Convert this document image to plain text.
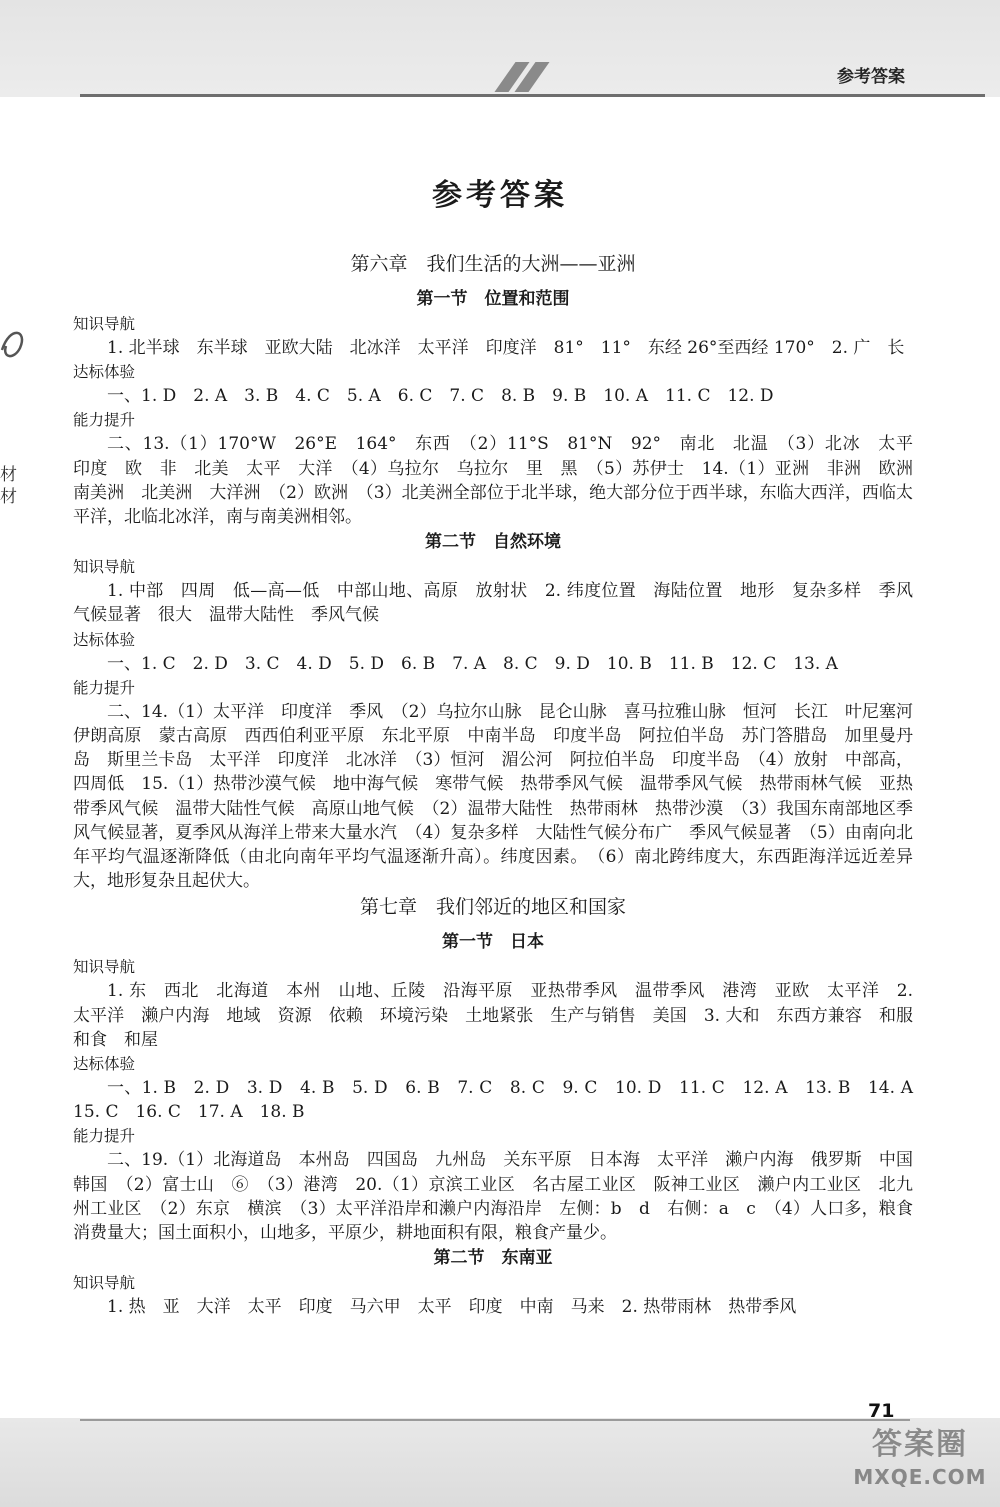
参考答案
材
材
参考答案

第六章　我们生活的大洲——亚洲

第一节　位置和范围

知识导航

1. 北半球　东半球　亚欧大陆　北冰洋　太平洋　印度洋　81°　11°　东经 26°至西经 170°　2. 广　长

达标体验

一、1. D　2. A　3. B　4. C　5. A　6. C　7. C　8. B　9. B　10. A　11. C　12. D

能力提升

二、13.（1）170°W　26°E　164°　东西　（2）11°S　81°N　92°　南北　北温　（3）北冰　太平　印度　欧　非　北美　太平　大洋　（4）乌拉尔　乌拉尔　里　黑　（5）苏伊士　14.（1）亚洲　非洲　欧洲　南美洲　北美洲　大洋洲　（2）欧洲　（3）北美洲全部位于北半球，绝大部分位于西半球，东临大西洋，西临太平洋，北临北冰洋，南与南美洲相邻。

第二节　自然环境

知识导航

1. 中部　四周　低—高—低　中部山地、高原　放射状　2. 纬度位置　海陆位置　地形　复杂多样　季风气候显著　很大　温带大陆性　季风气候

达标体验

一、1. C　2. D　3. C　4. D　5. D　6. B　7. A　8. C　9. D　10. B　11. B　12. C　13. A

能力提升

二、14.（1）太平洋　印度洋　季风　（2）乌拉尔山脉　昆仑山脉　喜马拉雅山脉　恒河　长江　叶尼塞河　伊朗高原　蒙古高原　西西伯利亚平原　东北平原　中南半岛　印度半岛　阿拉伯半岛　苏门答腊岛　加里曼丹岛　斯里兰卡岛　太平洋　印度洋　北冰洋　（3）恒河　湄公河　阿拉伯半岛　印度半岛　（4）放射　中部高，四周低　15.（1）热带沙漠气候　地中海气候　寒带气候　热带季风气候　温带季风气候　热带雨林气候　亚热带季风气候　温带大陆性气候　高原山地气候　（2）温带大陆性　热带雨林　热带沙漠　（3）我国东南部地区季风气候显著，夏季风从海洋上带来大量水汽　（4）复杂多样　大陆性气候分布广　季风气候显著　（5）由南向北年平均气温逐渐降低（由北向南年平均气温逐渐升高）。纬度因素。　（6）南北跨纬度大，东西距海洋远近差异大，地形复杂且起伏大。

第七章　我们邻近的地区和国家

第一节　日本

知识导航

1. 东　西北　北海道　本州　山地、丘陵　沿海平原　亚热带季风　温带季风　港湾　亚欧　太平洋　2. 太平洋　濑户内海　地域　资源　依赖　环境污染　土地紧张　生产与销售　美国　3. 大和　东西方兼容　和服　和食　和屋

达标体验

一、1. B　2. D　3. D　4. B　5. D　6. B　7. C　8. C　9. C　10. D　11. C　12. A　13. B　14. A　15. C　16. C　17. A　18. B

能力提升

二、19.（1）北海道岛　本州岛　四国岛　九州岛　关东平原　日本海　太平洋　濑户内海　俄罗斯　中国　韩国　（2）富士山　⑥　（3）港湾　20.（1）京滨工业区　名古屋工业区　阪神工业区　濑户内工业区　北九州工业区　（2）东京　横滨　（3）太平洋沿岸和濑户内海沿岸　左侧：b　d　右侧：a　c　（4）人口多，粮食消费量大；国土面积小，山地多，平原少，耕地面积有限，粮食产量少。

第二节　东南亚

知识导航

1. 热　亚　大洋　太平　印度　马六甲　太平　印度　中南　马来　2. 热带雨林　热带季风

71
答案圈
MXQE.COM
